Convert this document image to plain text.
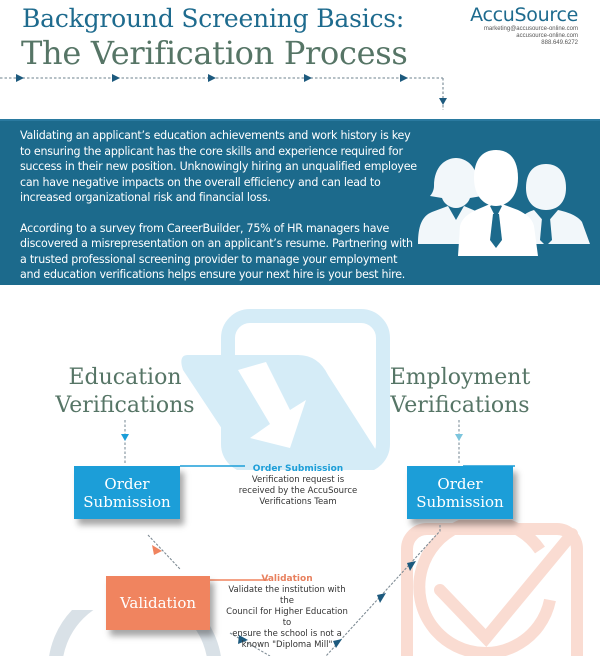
Background Screening Basics:
The Verification Process
AccuSource
marketing@accusource-online.com
accusource-online.com
888.649.6272

Validating an applicant’s education achievements and work history is key to ensuring the applicant has the core skills and experience required for success in their new position. Unknowingly hiring an unqualified employee can have negative impacts on the overall efficiency and can lead to increased organizational risk and financial loss.

According to a survey from CareerBuilder, 75% of HR managers have discovered a misrepresentation on an applicant’s resume. Partnering with a trusted professional screening provider to manage your employment and education verifications helps ensure your next hire is your best hire.

Education
Verifications
Employment
Verifications
Order
Submission
Order
Submission
Order Submission
Verification request is
received by the AccuSource
Verifications Team
Validation
Validation
Validate the institution with the
Council for Higher Education to
ensure the school is not a
known "Diploma Mill"
